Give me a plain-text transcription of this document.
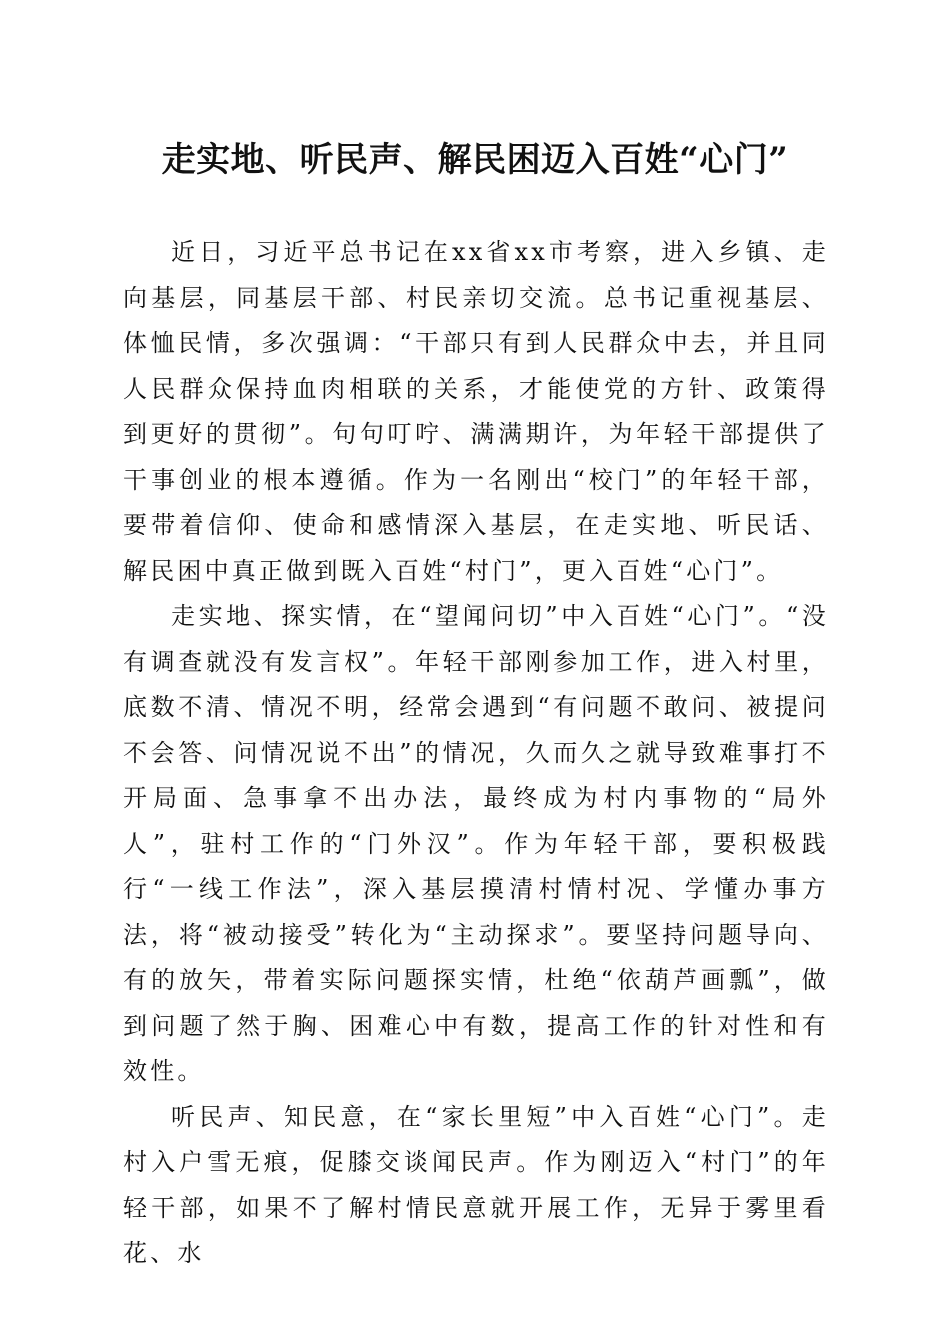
走实地、听民声、解民困迈入百姓“心门”

近日，习近平总书记在xx省xx市考察，进入乡镇、走向基层，同基层干部、村民亲切交流。总书记重视基层、体恤民情，多次强调：“干部只有到人民群众中去，并且同人民群众保持血肉相联的关系，才能使党的方针、政策得到更好的贯彻”。句句叮咛、满满期许，为年轻干部提供了干事创业的根本遵循。作为一名刚出“校门”的年轻干部，要带着信仰、使命和感情深入基层，在走实地、听民话、解民困中真正做到既入百姓“村门”，更入百姓“心门”。

走实地、探实情，在“望闻问切”中入百姓“心门”。“没有调查就没有发言权”。年轻干部刚参加工作，进入村里，底数不清、情况不明，经常会遇到“有问题不敢问、被提问不会答、问情况说不出”的情况，久而久之就导致难事打不开局面、急事拿不出办法，最终成为村内事物的“局外人”，驻村工作的“门外汉”。作为年轻干部，要积极践行“一线工作法”，深入基层摸清村情村况、学懂办事方法，将“被动接受”转化为“主动探求”。要坚持问题导向、有的放矢，带着实际问题探实情，杜绝“依葫芦画瓢”，做到问题了然于胸、困难心中有数，提高工作的针对性和有效性。

听民声、知民意，在“家长里短”中入百姓“心门”。走村入户雪无痕，促膝交谈闻民声。作为刚迈入“村门”的年轻干部，如果不了解村情民意就开展工作，无异于雾里看花、水
